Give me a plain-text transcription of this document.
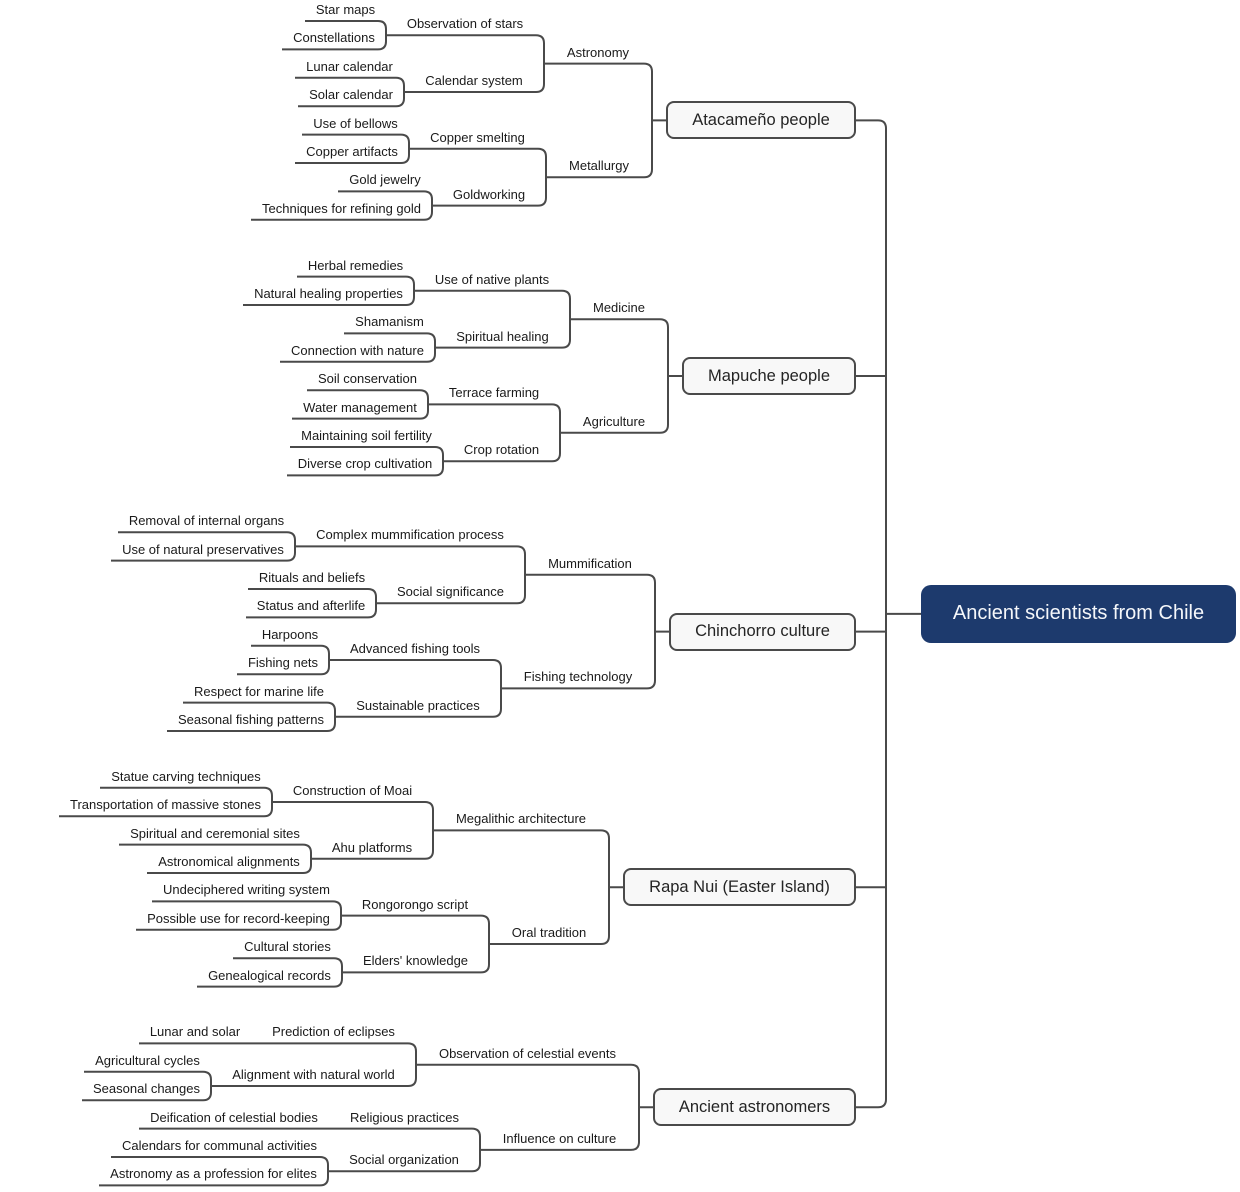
Ancient scientists from Chile
Atacameño people
Astronomy
Observation of stars
Star maps
Constellations
Calendar system
Lunar calendar
Solar calendar
Metallurgy
Copper smelting
Use of bellows
Copper artifacts
Goldworking
Gold jewelry
Techniques for refining gold
Mapuche people
Medicine
Use of native plants
Herbal remedies
Natural healing properties
Spiritual healing
Shamanism
Connection with nature
Agriculture
Terrace farming
Soil conservation
Water management
Crop rotation
Maintaining soil fertility
Diverse crop cultivation
Chinchorro culture
Mummification
Complex mummification process
Removal of internal organs
Use of natural preservatives
Social significance
Rituals and beliefs
Status and afterlife
Fishing technology
Advanced fishing tools
Harpoons
Fishing nets
Sustainable practices
Respect for marine life
Seasonal fishing patterns
Rapa Nui (Easter Island)
Megalithic architecture
Construction of Moai
Statue carving techniques
Transportation of massive stones
Ahu platforms
Spiritual and ceremonial sites
Astronomical alignments
Oral tradition
Rongorongo script
Undeciphered writing system
Possible use for record-keeping
Elders' knowledge
Cultural stories
Genealogical records
Ancient astronomers
Observation of celestial events
Prediction of eclipses
Lunar and solar
Alignment with natural world
Agricultural cycles
Seasonal changes
Influence on culture
Religious practices
Deification of celestial bodies
Social organization
Calendars for communal activities
Astronomy as a profession for elites
